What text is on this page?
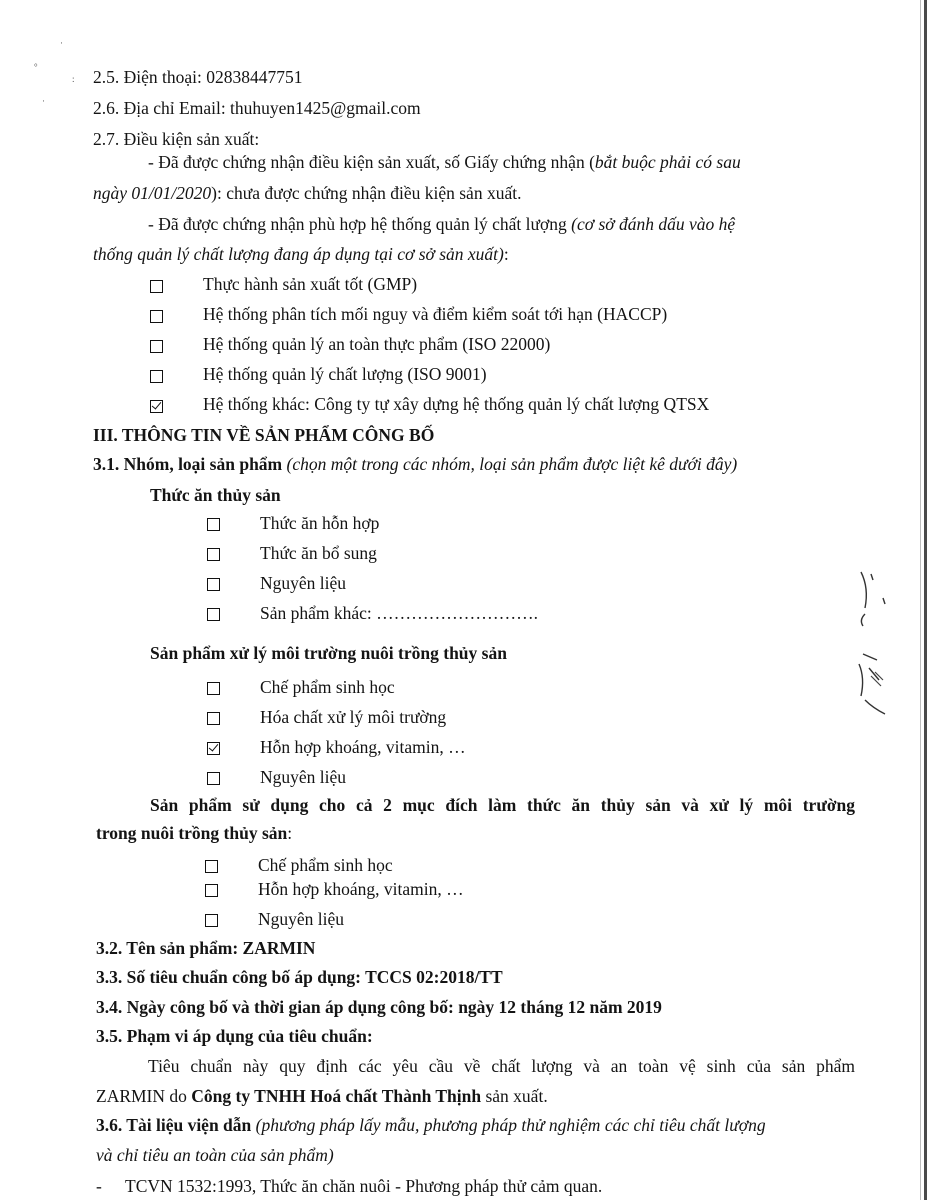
·
°
:
·
2.5. Điện thoại: 02838447751
2.6. Địa chỉ Email: thuhuyen1425@gmail.com
2.7. Điều kiện sản xuất:
- Đã được chứng nhận điều kiện sản xuất, số Giấy chứng nhận (bắt buộc phải có sau
ngày 01/01/2020): chưa được chứng nhận điều kiện sản xuất.
- Đã được chứng nhận phù hợp hệ thống quản lý chất lượng (cơ sở đánh dấu vào hệ
thống quản lý chất lượng đang áp dụng tại cơ sở sản xuất):
Thực hành sản xuất tốt (GMP)
Hệ thống phân tích mối nguy và điểm kiểm soát tới hạn (HACCP)
Hệ thống quản lý an toàn thực phẩm (ISO 22000)
Hệ thống quản lý chất lượng (ISO 9001)
Hệ thống khác: Công ty tự xây dựng hệ thống quản lý chất lượng QTSX
III. THÔNG TIN VỀ SẢN PHẨM CÔNG BỐ
3.1. Nhóm, loại sản phẩm (chọn một trong các nhóm, loại sản phẩm được liệt kê dưới đây)
Thức ăn thủy sản
Thức ăn hỗn hợp
Thức ăn bổ sung
Nguyên liệu
Sản phẩm khác: ……………………….
Sản phẩm xử lý môi trường nuôi trồng thủy sản
Chế phẩm sinh học
Hóa chất xử lý môi trường
Hỗn hợp khoáng, vitamin, …
Nguyên liệu
Sản phẩm sử dụng cho cả 2 mục đích làm thức ăn thủy sản và xử lý môi trường
trong nuôi trồng thủy sản:
Chế phẩm sinh học
Hỗn hợp khoáng, vitamin, …
Nguyên liệu
3.2. Tên sản phẩm: ZARMIN
3.3. Số tiêu chuẩn công bố áp dụng: TCCS 02:2018/TT
3.4. Ngày công bố và thời gian áp dụng công bố: ngày 12 tháng 12 năm 2019
3.5. Phạm vi áp dụng của tiêu chuẩn:
Tiêu chuẩn này quy định các yêu cầu về chất lượng và an toàn vệ sinh của sản phẩm
ZARMIN do Công ty TNHH Hoá chất Thành Thịnh sản xuất.
3.6. Tài liệu viện dẫn (phương pháp lấy mẫu, phương pháp thử nghiệm các chỉ tiêu chất lượng
và chỉ tiêu an toàn của sản phẩm)
- TCVN 1532:1993, Thức ăn chăn nuôi - Phương pháp thử cảm quan.
